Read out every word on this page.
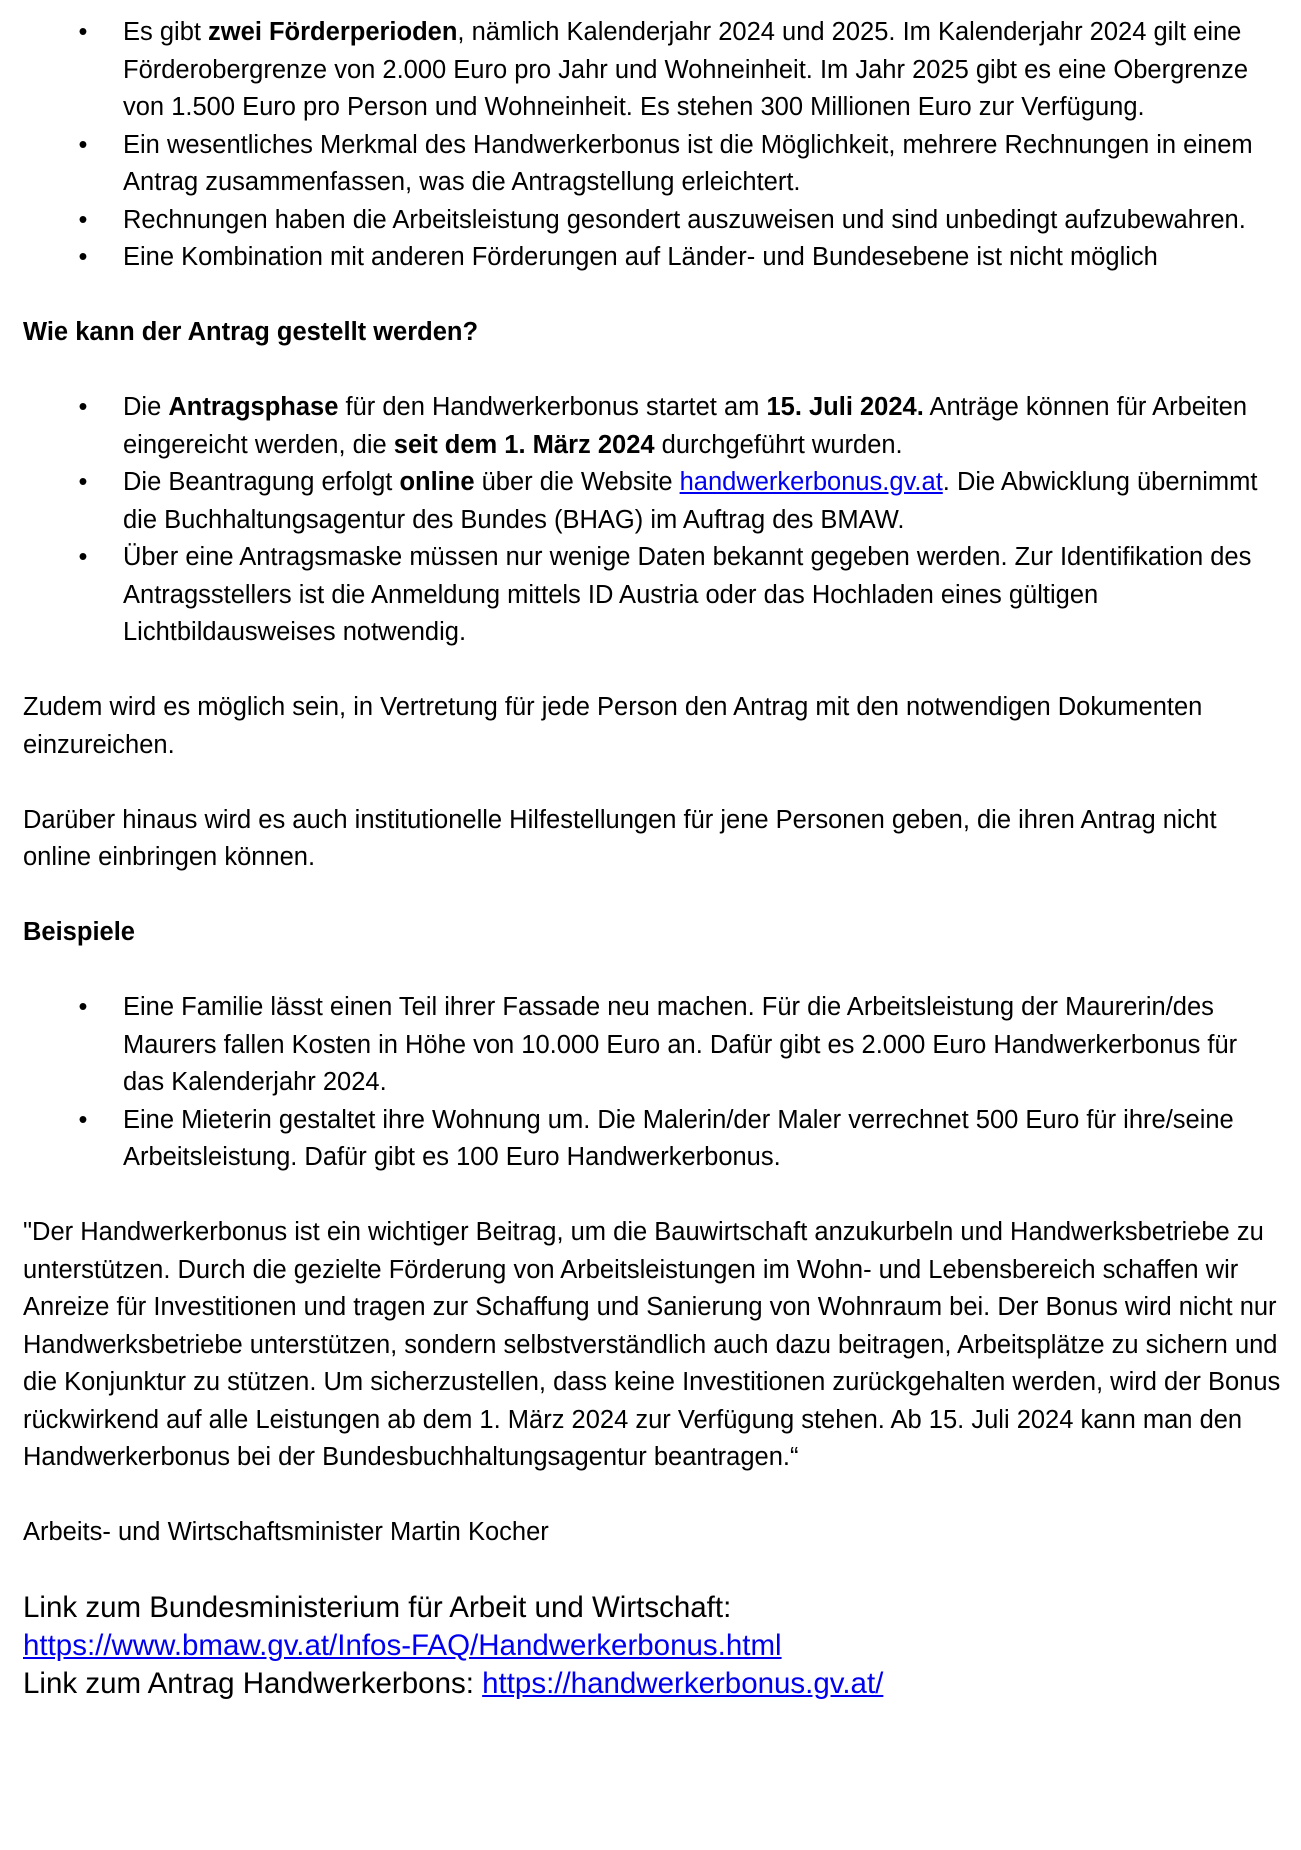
• Es gibt zwei Förderperioden, nämlich Kalenderjahr 2024 und 2025. Im Kalenderjahr 2024 gilt eine Förderobergrenze von 2.000 Euro pro Jahr und Wohneinheit. Im Jahr 2025 gibt es eine Obergrenze von 1.500 Euro pro Person und Wohneinheit. Es stehen 300 Millionen Euro zur Verfügung.
• Ein wesentliches Merkmal des Handwerkerbonus ist die Möglichkeit, mehrere Rechnungen in einem Antrag zusammenfassen, was die Antragstellung erleichtert.
• Rechnungen haben die Arbeitsleistung gesondert auszuweisen und sind unbedingt aufzubewahren.
• Eine Kombination mit anderen Förderungen auf Länder- und Bundesebene ist nicht möglich

Wie kann der Antrag gestellt werden?

• Die Antragsphase für den Handwerkerbonus startet am 15. Juli 2024. Anträge können für Arbeiten eingereicht werden, die seit dem 1. März 2024 durchgeführt wurden.
• Die Beantragung erfolgt online über die Website handwerkerbonus.gv.at. Die Abwicklung übernimmt die Buchhaltungsagentur des Bundes (BHAG) im Auftrag des BMAW.
• Über eine Antragsmaske müssen nur wenige Daten bekannt gegeben werden. Zur Identifikation des Antragsstellers ist die Anmeldung mittels ID Austria oder das Hochladen eines gültigen Lichtbildausweises notwendig.

Zudem wird es möglich sein, in Vertretung für jede Person den Antrag mit den notwendigen Dokumenten einzureichen.

Darüber hinaus wird es auch institutionelle Hilfestellungen für jene Personen geben, die ihren Antrag nicht online einbringen können.

Beispiele

• Eine Familie lässt einen Teil ihrer Fassade neu machen. Für die Arbeitsleistung der Maurerin/des Maurers fallen Kosten in Höhe von 10.000 Euro an. Dafür gibt es 2.000 Euro Handwerkerbonus für das Kalenderjahr 2024.
• Eine Mieterin gestaltet ihre Wohnung um. Die Malerin/der Maler verrechnet 500 Euro für ihre/seine Arbeitsleistung. Dafür gibt es 100 Euro Handwerkerbonus.

"Der Handwerkerbonus ist ein wichtiger Beitrag, um die Bauwirtschaft anzukurbeln und Handwerksbetriebe zu unterstützen. Durch die gezielte Förderung von Arbeitsleistungen im Wohn- und Lebensbereich schaffen wir Anreize für Investitionen und tragen zur Schaffung und Sanierung von Wohnraum bei. Der Bonus wird nicht nur Handwerksbetriebe unterstützen, sondern selbstverständlich auch dazu beitragen, Arbeitsplätze zu sichern und die Konjunktur zu stützen. Um sicherzustellen, dass keine Investitionen zurückgehalten werden, wird der Bonus rückwirkend auf alle Leistungen ab dem 1. März 2024 zur Verfügung stehen. Ab 15. Juli 2024 kann man den Handwerkerbonus bei der Bundesbuchhaltungsagentur beantragen.“

Arbeits- und Wirtschaftsminister Martin Kocher

Link zum Bundesministerium für Arbeit und Wirtschaft:
https://www.bmaw.gv.at/Infos-FAQ/Handwerkerbonus.html
Link zum Antrag Handwerkerbons: https://handwerkerbonus.gv.at/
